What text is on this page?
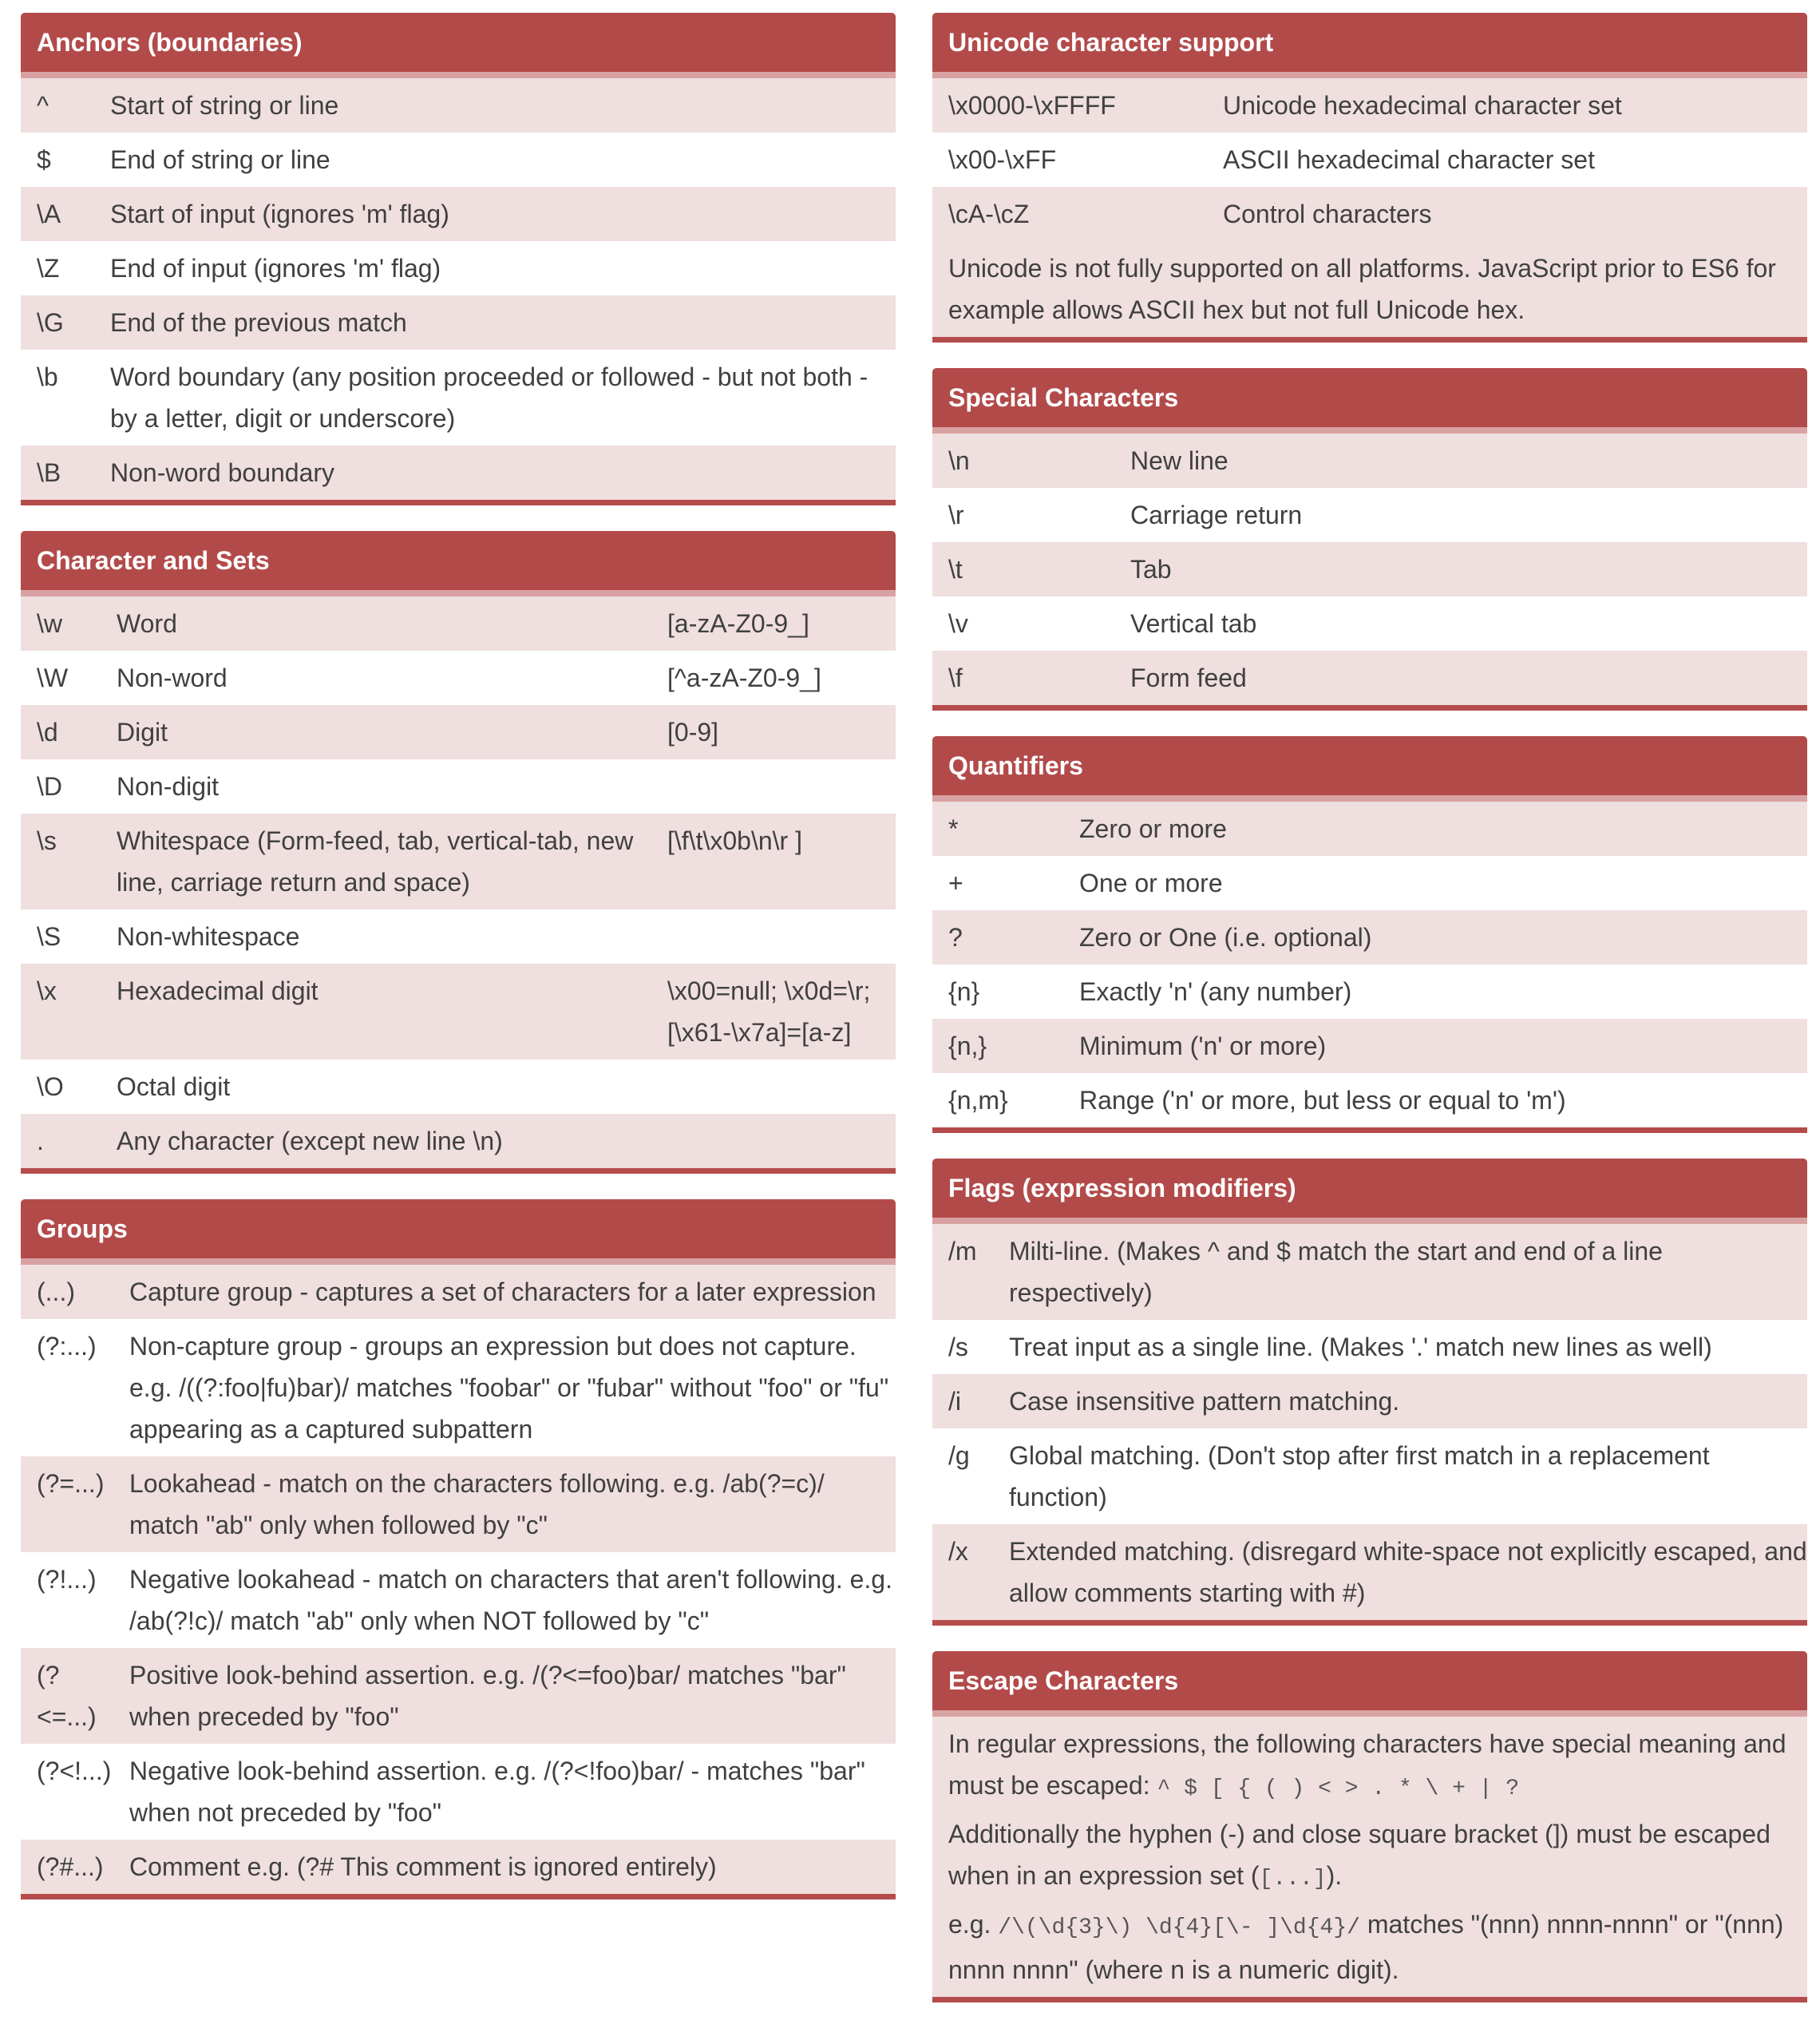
Anchors (boundaries)
^	Start of string or line
$	End of string or line
\A	Start of input (ignores 'm' flag)
\Z	End of input (ignores 'm' flag)
\G	End of the previous match
\b	Word boundary (any position proceeded or followed - but not both - by a letter, digit or underscore)
\B	Non-word boundary
Character and Sets
\w	Word	[a-zA-Z0-9_]
\W	Non-word	[^a-zA-Z0-9_]
\d	Digit	[0-9]
\D	Non-digit	
\s	Whitespace (Form-feed, tab, vertical-tab, new line, carriage return and space)	[\f\t\x0b\n\r ]
\S	Non-whitespace	
\x	Hexadecimal digit	\x00=null; \x0d=\r; [\x61-\x7a]=[a-z]
\O	Octal digit	
.	Any character (except new line \n)	
Groups
(...)	Capture group - captures a set of characters for a later expression
(?:...)	Non-capture group - groups an expression but does not capture. e.g. /((?:foo|fu)bar)/ matches "foobar" or "fubar" without "foo" or "fu" appearing as a captured subpattern
(?=...)	Lookahead - match on the characters following. e.g. /ab(?=c)/ match "ab" only when followed by "c"
(?!...)	Negative lookahead - match on characters that aren't following. e.g. /ab(?!c)/ match "ab" only when NOT followed by "c"
(?<=...)	Positive look-behind assertion. e.g. /(?<=foo)bar/ matches "bar" when preceded by "foo"
(?<!...)	Negative look-behind assertion. e.g. /(?<!foo)bar/ - matches "bar" when not preceded by "foo"
(?#...)	Comment e.g. (?# This comment is ignored entirely)
Unicode character support
\x0000-\xFFFF	Unicode hexadecimal character set
\x00-\xFF	ASCII hexadecimal character set
\cA-\cZ	Control characters
Unicode is not fully supported on all platforms. JavaScript prior to ES6 for example allows ASCII hex but not full Unicode hex.
Special Characters
\n	New line
\r	Carriage return
\t	Tab
\v	Vertical tab
\f	Form feed
Quantifiers
*	Zero or more
+	One or more
?	Zero or One (i.e. optional)
{n}	Exactly 'n' (any number)
{n,}	Minimum ('n' or more)
{n,m}	Range ('n' or more, but less or equal to 'm')
Flags (expression modifiers)
/m	Milti-line. (Makes ^ and $ match the start and end of a line respectively)
/s	Treat input as a single line. (Makes '.' match new lines as well)
/i	Case insensitive pattern matching.
/g	Global matching. (Don't stop after first match in a replacement function)
/x	Extended matching. (disregard white-space not explicitly escaped, and allow comments starting with #)
Escape Characters

In regular expressions, the following characters have special meaning and must be escaped: ^ $ [ { ( ) < > . * \ + | ?

Additionally the hyphen (-) and close square bracket (]) must be escaped when in an expression set ([...]).

e.g. /\(\d{3}\) \d{4}[\- ]\d{4}/ matches "(nnn) nnnn-nnnn" or "(nnn) nnnn nnnn" (where n is a numeric digit).
